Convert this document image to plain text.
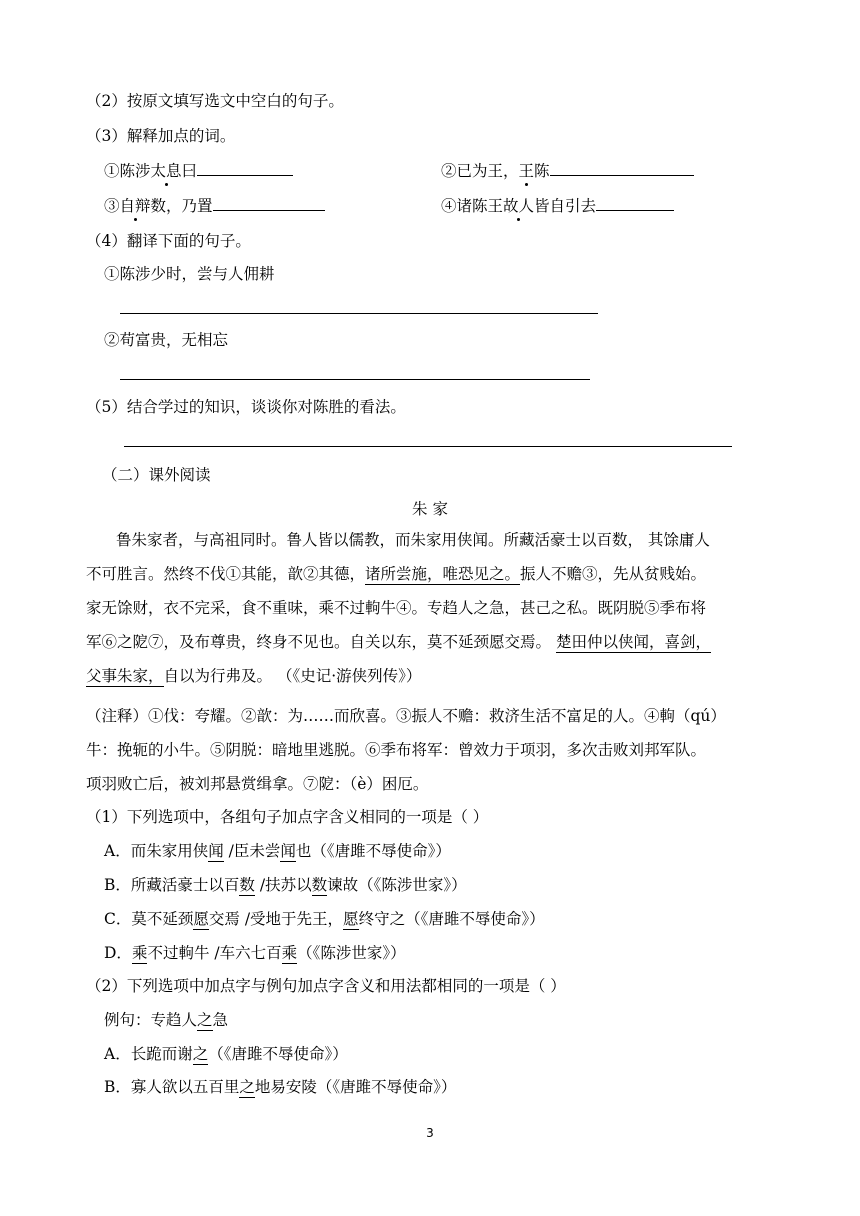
（2）按原文填写选文中空白的句子。
（3）解释加点的词。
①陈涉太息曰	②已为王，王陈
③自辩数，乃置	④诸陈王故人皆自引去
（4）翻译下面的句子。
①陈涉少时，尝与人佣耕
②苟富贵，无相忘
（5）结合学过的知识，谈谈你对陈胜的看法。
（二）课外阅读
朱 家
鲁朱家者，与高祖同时。鲁人皆以儒教，而朱家用侠闻。所藏活豪士以百数， 其馀庸人
不可胜言。然终不伐①其能，歆②其德，诸所尝施，唯恐见之。振人不赡③，先从贫贱始。
家无馀财，衣不完采，食不重味，乘不过軥牛④。专趋人之急，甚己之私。既阴脱⑤季布将
军⑥之阸⑦，及布尊贵，终身不见也。自关以东，莫不延颈愿交焉。 楚田仲以侠闻，喜剑，
父事朱家，自以为行弗及。 （《史记·游侠列传》）
（注释）①伐：夸耀。②歆：为……而欣喜。③振人不赡：救济生活不富足的人。④軥（qú）
牛：挽轭的小牛。⑤阴脱：暗地里逃脱。⑥季布将军：曾效力于项羽，多次击败刘邦军队。
项羽败亡后，被刘邦悬赏缉拿。⑦阸：（è）困厄。
（1）下列选项中，各组句子加点字含义相同的一项是（ ）
A．而朱家用侠闻 /臣未尝闻也（《唐雎不辱使命》）
B．所藏活豪士以百数 /扶苏以数谏故（《陈涉世家》）
C．莫不延颈愿交焉 /受地于先王，愿终守之（《唐雎不辱使命》）
D．乘不过軥牛 /车六七百乘（《陈涉世家》）
（2）下列选项中加点字与例句加点字含义和用法都相同的一项是（ ）
例句：专趋人之急
A．长跪而谢之（《唐雎不辱使命》）
B．寡人欲以五百里之地易安陵（《唐雎不辱使命》）
3
